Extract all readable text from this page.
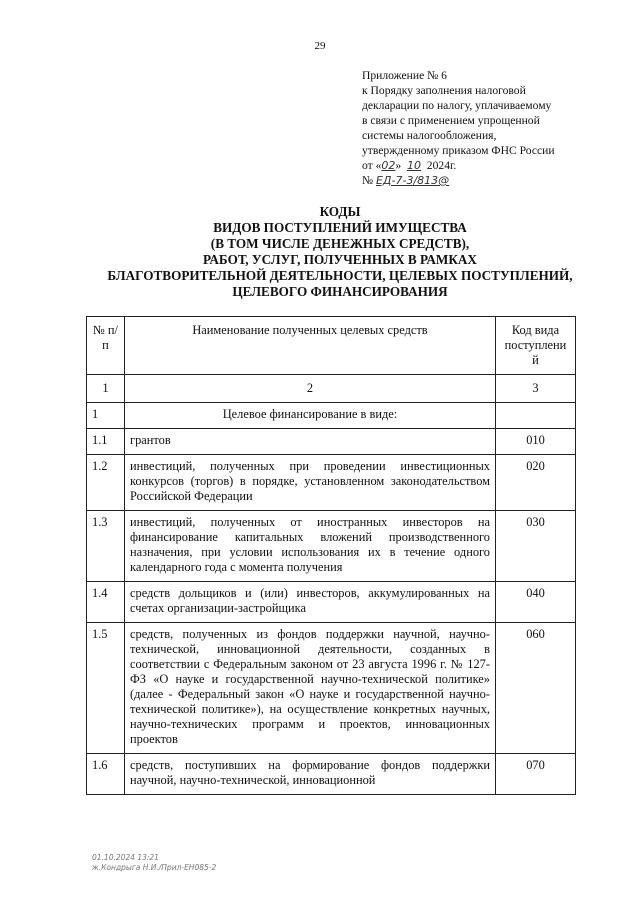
29
Приложение № 6
к Порядку заполнения налоговой
декларации по налогу, уплачиваемому
в связи с применением упрощенной
системы налогообложения,
утвержденному приказом ФНС России
от «02» 10 2024г.
№ ЕД-7-3/813@
КОДЫ
ВИДОВ ПОСТУПЛЕНИЙ ИМУЩЕСТВА
(В ТОМ ЧИСЛЕ ДЕНЕЖНЫХ СРЕДСТВ),
РАБОТ, УСЛУГ, ПОЛУЧЕННЫХ В РАМКАХ
БЛАГОТВОРИТЕЛЬНОЙ ДЕЯТЕЛЬНОСТИ, ЦЕЛЕВЫХ ПОСТУПЛЕНИЙ,
ЦЕЛЕВОГО ФИНАНСИРОВАНИЯ
№ п/п	Наименование полученных целевых средств	Код вида поступлени й
1	2	3
1	Целевое финансирование в виде:	
1.1	грантов	010
1.2	инвестиций, полученных при проведении инвестиционных конкурсов (торгов) в порядке, установленном законодательством Российской Федерации	020
1.3	инвестиций, полученных от иностранных инвесторов на финансирование капитальных вложений производственного назначения, при условии использования их в течение одного календарного года с момента получения	030
1.4	средств дольщиков и (или) инвесторов, аккумулированных на счетах организации-застройщика	040
1.5	средств, полученных из фондов поддержки научной, научно-технической, инновационной деятельности, созданных в соответствии с Федеральным законом от 23 августа 1996 г. № 127-ФЗ «О науке и государственной научно-технической политике» (далее - Федеральный закон «О науке и государственной научно-технической политике»), на осуществление конкретных научных, научно-технических программ и проектов, инновационных проектов	060
1.6	средств, поступивших на формирование фондов поддержки научной, научно-технической, инновационной	070
01.10.2024 13:21
ж.Кондрыга Н.И./Прил-ЕН085-2
